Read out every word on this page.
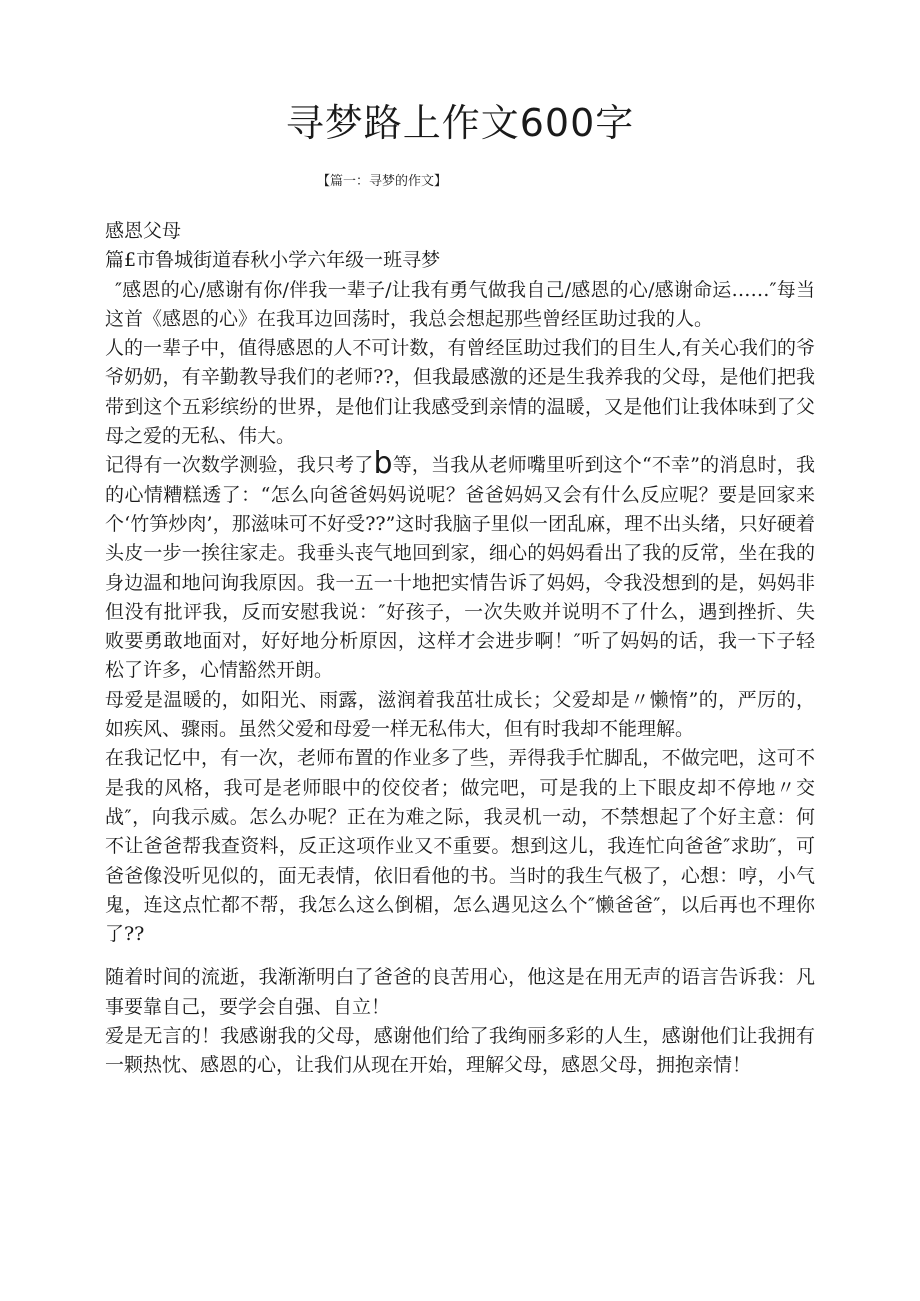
寻梦路上作文600字

【篇一：寻梦的作文】

感恩父母

篇£市鲁城街道春秋小学六年级一班寻梦

″感恩的心/感谢有你/伴我一辈子/让我有勇气做我自己/感恩的心/感谢命运……″每当这首《感恩的心》在我耳边回荡时，我总会想起那些曾经匡助过我的人。

人的一辈子中，值得感恩的人不可计数，有曾经匡助过我们的目生人,有关心我们的爷爷奶奶，有辛勤教导我们的老师??，但我最感激的还是生我养我的父母，是他们把我带到这个五彩缤纷的世界，是他们让我感受到亲情的温暖，又是他们让我体味到了父母之爱的无私、伟大。

记得有一次数学测验，我只考了b等，当我从老师嘴里听到这个“不幸”的消息时，我的心情糟糕透了：“怎么向爸爸妈妈说呢？爸爸妈妈又会有什么反应呢？要是回家来个‘竹笋炒肉’，那滋味可不好受??”这时我脑子里似一团乱麻，理不出头绪，只好硬着头皮一步一挨往家走。我垂头丧气地回到家，细心的妈妈看出了我的反常，坐在我的身边温和地问询我原因。我一五一十地把实情告诉了妈妈，令我没想到的是，妈妈非但没有批评我，反而安慰我说：″好孩子，一次失败并说明不了什么，遇到挫折、失败要勇敢地面对，好好地分析原因，这样才会进步啊！″听了妈妈的话，我一下子轻松了许多，心情豁然开朗。

母爱是温暖的，如阳光、雨露，滋润着我茁壮成长；父爱却是〃懒惰”的，严厉的，如疾风、骤雨。虽然父爱和母爱一样无私伟大，但有时我却不能理解。

在我记忆中，有一次，老师布置的作业多了些，弄得我手忙脚乱，不做完吧，这可不是我的风格，我可是老师眼中的佼佼者；做完吧，可是我的上下眼皮却不停地〃交战″，向我示威。怎么办呢？正在为难之际，我灵机一动，不禁想起了个好主意：何不让爸爸帮我查资料，反正这项作业又不重要。想到这儿，我连忙向爸爸″求助″，可爸爸像没听见似的，面无表情，依旧看他的书。当时的我生气极了，心想：哼，小气鬼，连这点忙都不帮，我怎么这么倒楣，怎么遇见这么个″懒爸爸″，以后再也不理你了??

随着时间的流逝，我渐渐明白了爸爸的良苦用心，他这是在用无声的语言告诉我：凡事要靠自己，要学会自强、自立！

爱是无言的！我感谢我的父母，感谢他们给了我绚丽多彩的人生，感谢他们让我拥有一颗热忱、感恩的心，让我们从现在开始，理解父母，感恩父母，拥抱亲情！
